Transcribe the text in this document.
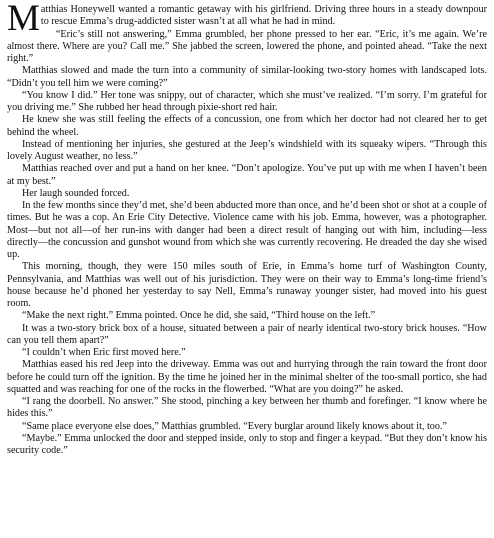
Matthias Honeywell wanted a romantic getaway with his girlfriend. Driving three hours in a steady downpour to rescue Emma’s drug-addicted sister wasn’t at all what he had in mind.

“Eric’s still not answering,” Emma grumbled, her phone pressed to her ear. “Eric, it’s me again. We’re almost there. Where are you? Call me.” She jabbed the screen, lowered the phone, and pointed ahead. “Take the next right.”

Matthias slowed and made the turn into a community of similar-looking two-story homes with landscaped lots. “Didn’t you tell him we were coming?”

“You know I did.” Her tone was snippy, out of character, which she must’ve realized. “I’m sorry. I’m grateful for you driving me.” She rubbed her head through pixie-short red hair.

He knew she was still feeling the effects of a concussion, one from which her doctor had not cleared her to get behind the wheel.

Instead of mentioning her injuries, she gestured at the Jeep’s windshield with its squeaky wipers. “Through this lovely August weather, no less.”

Matthias reached over and put a hand on her knee. “Don’t apologize. You’ve put up with me when I haven’t been at my best.”

Her laugh sounded forced.

In the few months since they’d met, she’d been abducted more than once, and he’d been shot or shot at a couple of times. But he was a cop. An Erie City Detective. Violence came with his job. Emma, however, was a photographer. Most—but not all—of her run-ins with danger had been a direct result of hanging out with him, including—less directly—the concussion and gunshot wound from which she was currently recovering. He dreaded the day she wised up.

This morning, though, they were 150 miles south of Erie, in Emma’s home turf of Washington County, Pennsylvania, and Matthias was well out of his jurisdiction. They were on their way to Emma’s long-time friend’s house because he’d phoned her yesterday to say Nell, Emma’s runaway younger sister, had moved into his guest room.

“Make the next right.” Emma pointed. Once he did, she said, “Third house on the left.”

It was a two-story brick box of a house, situated between a pair of nearly identical two-story brick houses. “How can you tell them apart?”

“I couldn’t when Eric first moved here.”

Matthias eased his red Jeep into the driveway. Emma was out and hurrying through the rain toward the front door before he could turn off the ignition. By the time he joined her in the minimal shelter of the too-small portico, she had squatted and was reaching for one of the rocks in the flowerbed. “What are you doing?” he asked.

“I rang the doorbell. No answer.” She stood, pinching a key between her thumb and forefinger. “I know where he hides this.”

“Same place everyone else does,” Matthias grumbled. “Every burglar around likely knows about it, too.”

“Maybe.” Emma unlocked the door and stepped inside, only to stop and finger a keypad. “But they don’t know his security code.”
